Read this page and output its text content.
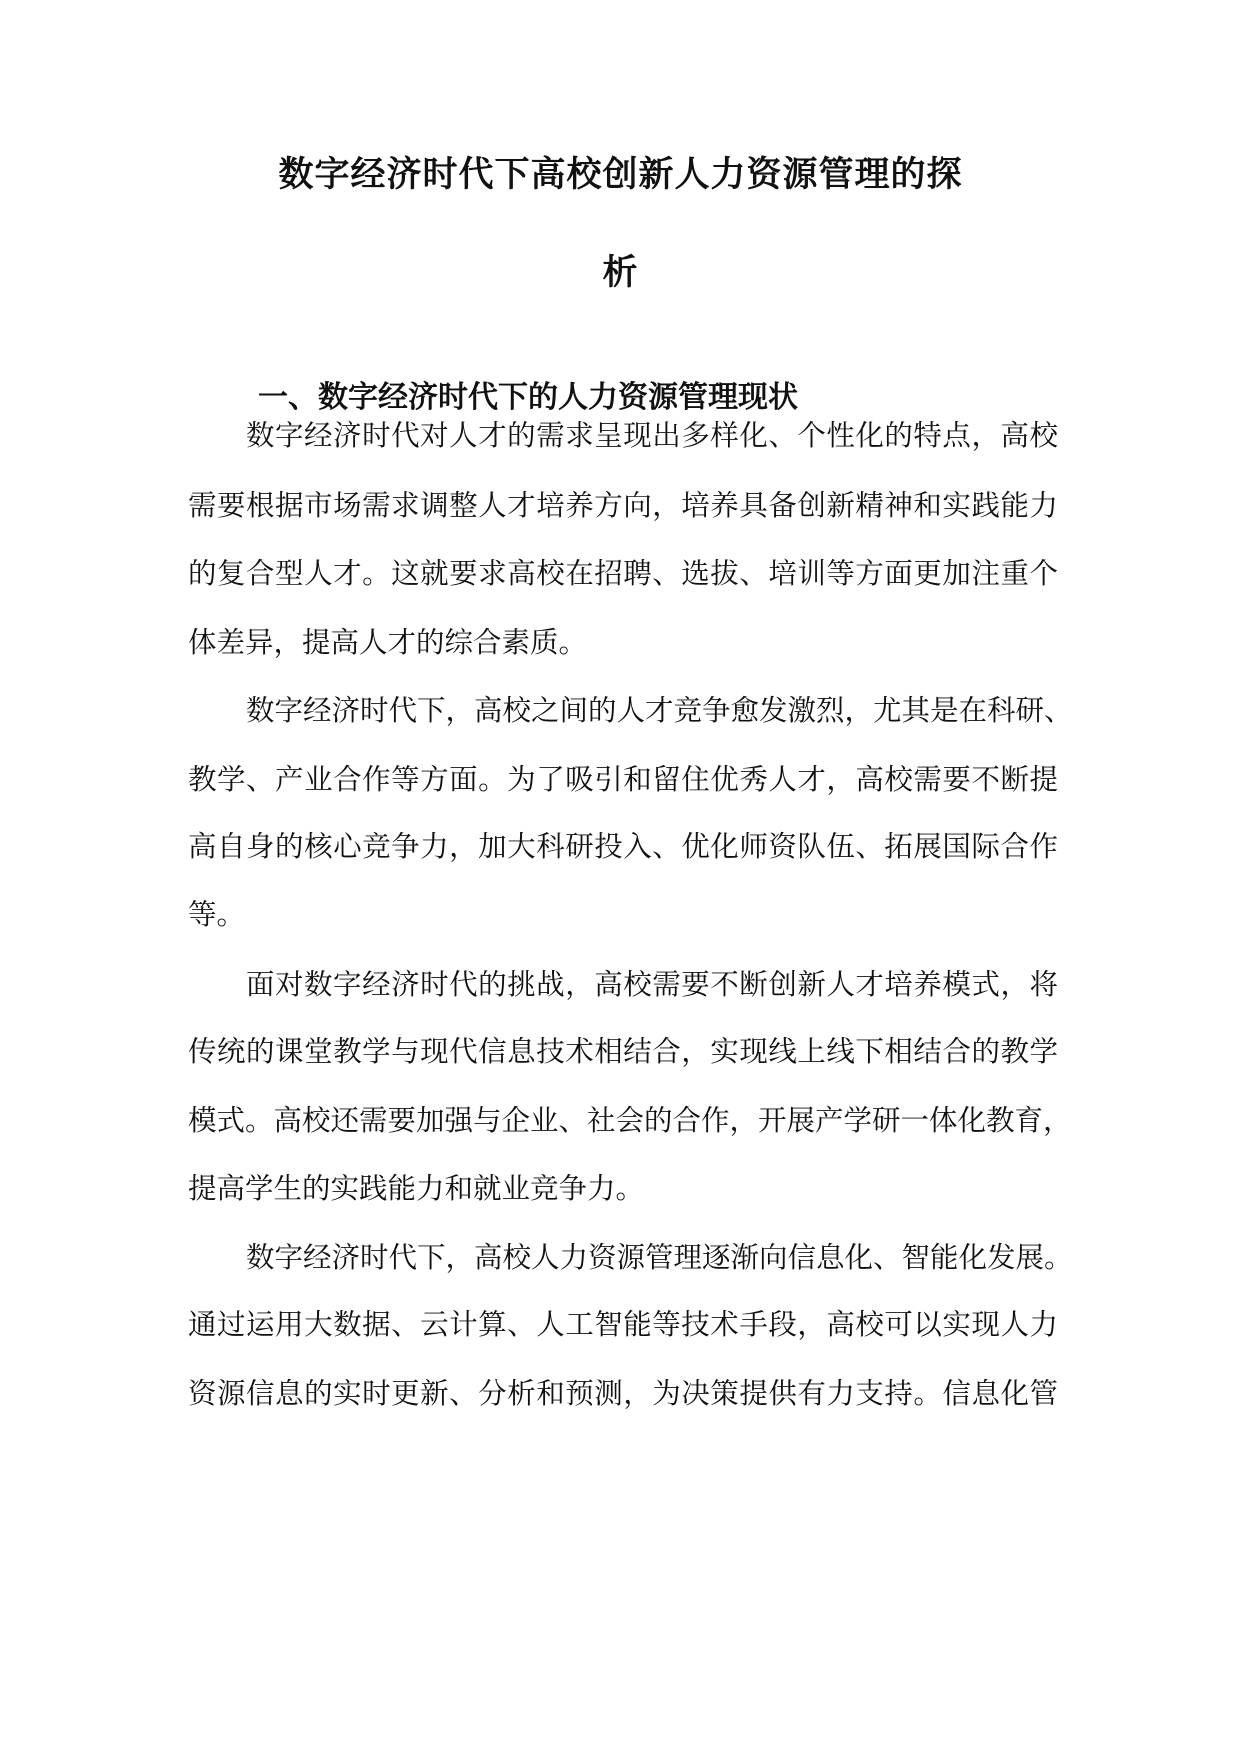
数字经济时代下高校创新人力资源管理的探
析
一、数字经济时代下的人力资源管理现状
数字经济时代对人才的需求呈现出多样化、个性化的特点，高校
需要根据市场需求调整人才培养方向，培养具备创新精神和实践能力
的复合型人才。这就要求高校在招聘、选拔、培训等方面更加注重个
体差异，提高人才的综合素质。
数字经济时代下，高校之间的人才竞争愈发激烈，尤其是在科研、
教学、产业合作等方面。为了吸引和留住优秀人才，高校需要不断提
高自身的核心竞争力，加大科研投入、优化师资队伍、拓展国际合作
等。
面对数字经济时代的挑战，高校需要不断创新人才培养模式，将
传统的课堂教学与现代信息技术相结合，实现线上线下相结合的教学
模式。高校还需要加强与企业、社会的合作，开展产学研一体化教育，
提高学生的实践能力和就业竞争力。
数字经济时代下，高校人力资源管理逐渐向信息化、智能化发展。
通过运用大数据、云计算、人工智能等技术手段，高校可以实现人力
资源信息的实时更新、分析和预测，为决策提供有力支持。信息化管
